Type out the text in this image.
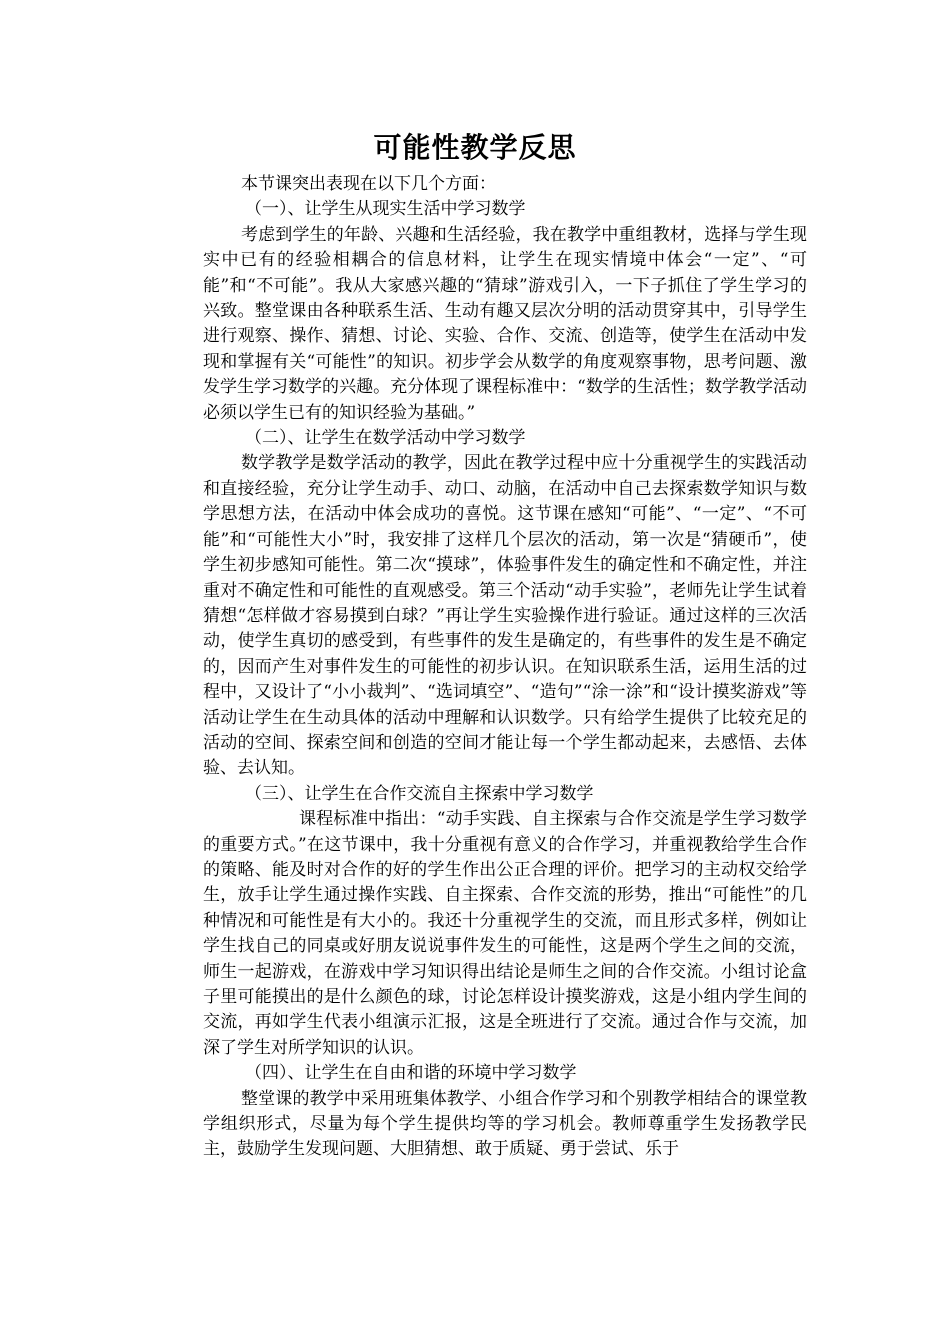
可能性教学反思

本节课突出表现在以下几个方面：

（一）、让学生从现实生活中学习数学

考虑到学生的年龄、兴趣和生活经验，我在教学中重组教材，选择与学生现实中已有的经验相耦合的信息材料，让学生在现实情境中体会“一定”、“可能”和“不可能”。我从大家感兴趣的“猜球”游戏引入，一下子抓住了学生学习的兴致。整堂课由各种联系生活、生动有趣又层次分明的活动贯穿其中，引导学生进行观察、操作、猜想、讨论、实验、合作、交流、创造等，使学生在活动中发现和掌握有关“可能性”的知识。初步学会从数学的角度观察事物，思考问题、激发学生学习数学的兴趣。充分体现了课程标准中：“数学的生活性；数学教学活动必须以学生已有的知识经验为基础。”

（二）、让学生在数学活动中学习数学

数学教学是数学活动的教学，因此在教学过程中应十分重视学生的实践活动和直接经验，充分让学生动手、动口、动脑，在活动中自己去探索数学知识与数学思想方法，在活动中体会成功的喜悦。这节课在感知“可能”、“一定”、“不可能”和“可能性大小”时，我安排了这样几个层次的活动，第一次是“猜硬币”，使学生初步感知可能性。第二次“摸球”，体验事件发生的确定性和不确定性，并注重对不确定性和可能性的直观感受。第三个活动“动手实验”，老师先让学生试着猜想“怎样做才容易摸到白球？”再让学生实验操作进行验证。通过这样的三次活动，使学生真切的感受到，有些事件的发生是确定的，有些事件的发生是不确定的，因而产生对事件发生的可能性的初步认识。在知识联系生活，运用生活的过程中，又设计了“小小裁判”、“选词填空”、“造句”“涂一涂”和“设计摸奖游戏”等活动让学生在生动具体的活动中理解和认识数学。只有给学生提供了比较充足的活动的空间、探索空间和创造的空间才能让每一个学生都动起来，去感悟、去体验、去认知。

（三）、让学生在合作交流自主探索中学习数学

课程标准中指出：“动手实践、自主探索与合作交流是学生学习数学的重要方式。”在这节课中，我十分重视有意义的合作学习，并重视教给学生合作的策略、能及时对合作的好的学生作出公正合理的评价。把学习的主动权交给学生，放手让学生通过操作实践、自主探索、合作交流的形势，推出“可能性”的几种情况和可能性是有大小的。我还十分重视学生的交流，而且形式多样，例如让学生找自己的同桌或好朋友说说事件发生的可能性，这是两个学生之间的交流，师生一起游戏，在游戏中学习知识得出结论是师生之间的合作交流。小组讨论盒子里可能摸出的是什么颜色的球，讨论怎样设计摸奖游戏，这是小组内学生间的交流，再如学生代表小组演示汇报，这是全班进行了交流。通过合作与交流，加深了学生对所学知识的认识。

（四）、让学生在自由和谐的环境中学习数学

整堂课的教学中采用班集体教学、小组合作学习和个别教学相结合的课堂教学组织形式，尽量为每个学生提供均等的学习机会。教师尊重学生发扬教学民主，鼓励学生发现问题、大胆猜想、敢于质疑、勇于尝试、乐于
